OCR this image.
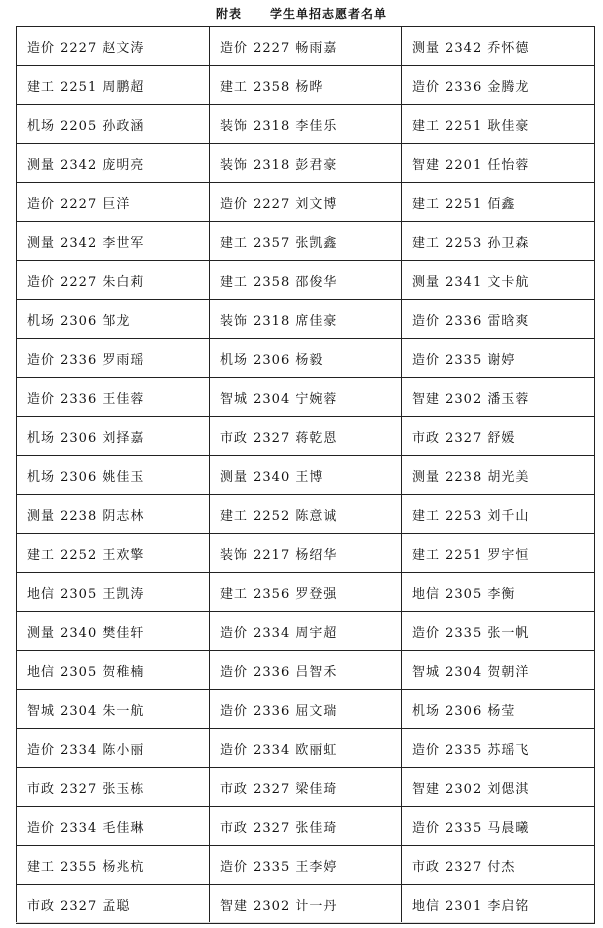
附表 学生单招志愿者名单
造价 2227 赵文涛	造价 2227 畅雨嘉	测量 2342 乔怀德
建工 2251 周鹏超	建工 2358 杨晔	造价 2336 金腾龙
机场 2205 孙政涵	装饰 2318 李佳乐	建工 2251 耿佳豪
测量 2342 庞明亮	装饰 2318 彭君豪	智建 2201 任怡蓉
造价 2227 巨洋	造价 2227 刘文博	建工 2251 佰鑫
测量 2342 李世军	建工 2357 张凯鑫	建工 2253 孙卫森
造价 2227 朱白莉	建工 2358 邵俊华	测量 2341 文卡航
机场 2306 邹龙	装饰 2318 席佳豪	造价 2336 雷晗爽
造价 2336 罗雨瑶	机场 2306 杨毅	造价 2335 谢婷
造价 2336 王佳蓉	智城 2304 宁婉蓉	智建 2302 潘玉蓉
机场 2306 刘择嘉	市政 2327 蒋乾恩	市政 2327 舒媛
机场 2306 姚佳玉	测量 2340 王博	测量 2238 胡光美
测量 2238 阴志林	建工 2252 陈意诚	建工 2253 刘千山
建工 2252 王欢擎	装饰 2217 杨绍华	建工 2251 罗宇恒
地信 2305 王凯涛	建工 2356 罗登强	地信 2305 李衡
测量 2340 樊佳轩	造价 2334 周宇超	造价 2335 张一帆
地信 2305 贺稚楠	造价 2336 吕智禾	智城 2304 贺朝洋
智城 2304 朱一航	造价 2336 屈文瑞	机场 2306 杨莹
造价 2334 陈小丽	造价 2334 欧丽虹	造价 2335 苏瑶飞
市政 2327 张玉栋	市政 2327 梁佳琦	智建 2302 刘偲淇
造价 2334 毛佳琳	市政 2327 张佳琦	造价 2335 马晨曦
建工 2355 杨兆杭	造价 2335 王李婷	市政 2327 付杰
市政 2327 孟聪	智建 2302 计一丹	地信 2301 李启铭
